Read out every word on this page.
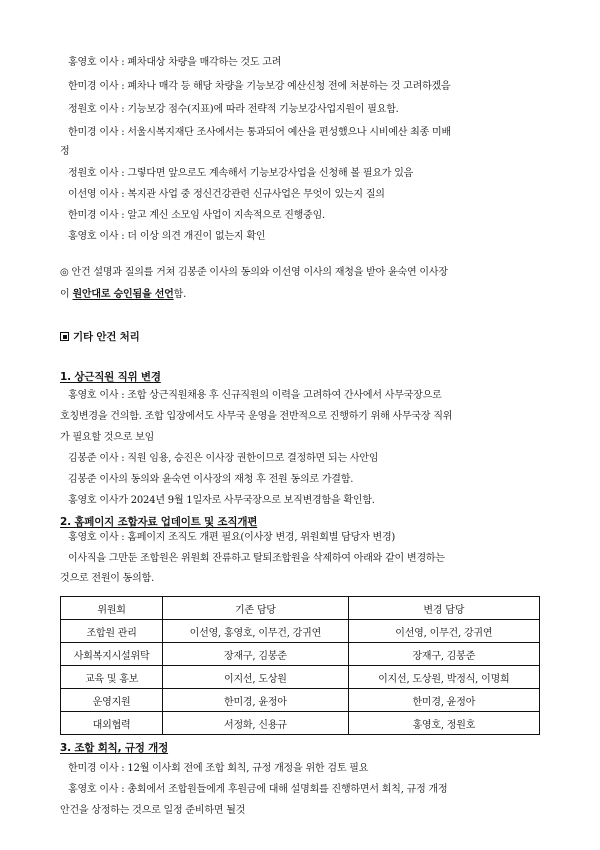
홍영호 이사 : 폐차대상 차량을 매각하는 것도 고려
한미경 이사 : 폐차나 매각 등 해당 차량을 기능보강 예산신청 전에 처분하는 것 고려하겠음
정원호 이사 : 기능보강 점수(지표)에 따라 전략적 기능보강사업지원이 필요함.
한미경 이사 : 서울시복지재단 조사에서는 통과되어 예산을 편성했으나 시비예산 최종 미배
정
정원호 이사 : 그렇다면 앞으로도 계속해서 기능보강사업을 신청해 볼 필요가 있음
이선영 이사 : 복지관 사업 중 정신건강관련 신규사업은 무엇이 있는지 질의
한미경 이사 : 알고 계신 소모임 사업이 지속적으로 진행중임.
홍영호 이사 : 더 이상 의견 개진이 없는지 확인
◎ 안건 설명과 질의를 거쳐 김봉준 이사의 동의와 이선영 이사의 재청을 받아 윤숙연 이사장
이 원안대로 승인됨을 선언함.
기타 안건 처리
1. 상근직원 직위 변경
홍영호 이사 : 조합 상근직원채용 후 신규직원의 이력을 고려하여 간사에서 사무국장으로
호칭변경을 건의함. 조합 입장에서도 사무국 운영을 전반적으로 진행하기 위해 사무국장 직위
가 필요할 것으로 보임
김봉준 이사 : 직원 임용, 승진은 이사장 권한이므로 결정하면 되는 사안임
김봉준 이사의 동의와 윤숙연 이사장의 재청 후 전원 동의로 가결함.
홍영호 이사가 2024년 9월 1일자로 사무국장으로 보직변경함을 확인함.
2. 홈페이지 조합자료 업데이트 및 조직개편
홍영호 이사 : 홈페이지 조직도 개편 필요(이사장 변경, 위원회별 담당자 변경)
이사직을 그만둔 조합원은 위원회 잔류하고 탈퇴조합원을 삭제하여 아래와 같이 변경하는
것으로 전원이 동의함.
위원회	기존 담당	변경 담당
조합원 관리	이선영, 홍영호, 이무건, 강귀연	이선영, 이무건, 강귀연
사회복지시설위탁	장재구, 김봉준	장재구, 김봉준
교육 및 홍보	이지선, 도상원	이지선, 도상원, 박정식, 이명희
운영지원	한미경, 윤정아	한미경, 윤정아
대외협력	서정화, 신용규	홍영호, 정원호
3. 조합 회칙, 규정 개정
한미경 이사 : 12월 이사회 전에 조합 회칙, 규정 개정을 위한 검토 필요
홍영호 이사 : 총회에서 조합원들에게 후원금에 대해 설명회를 진행하면서 회칙, 규정 개정
안건을 상정하는 것으로 일정 준비하면 될것
